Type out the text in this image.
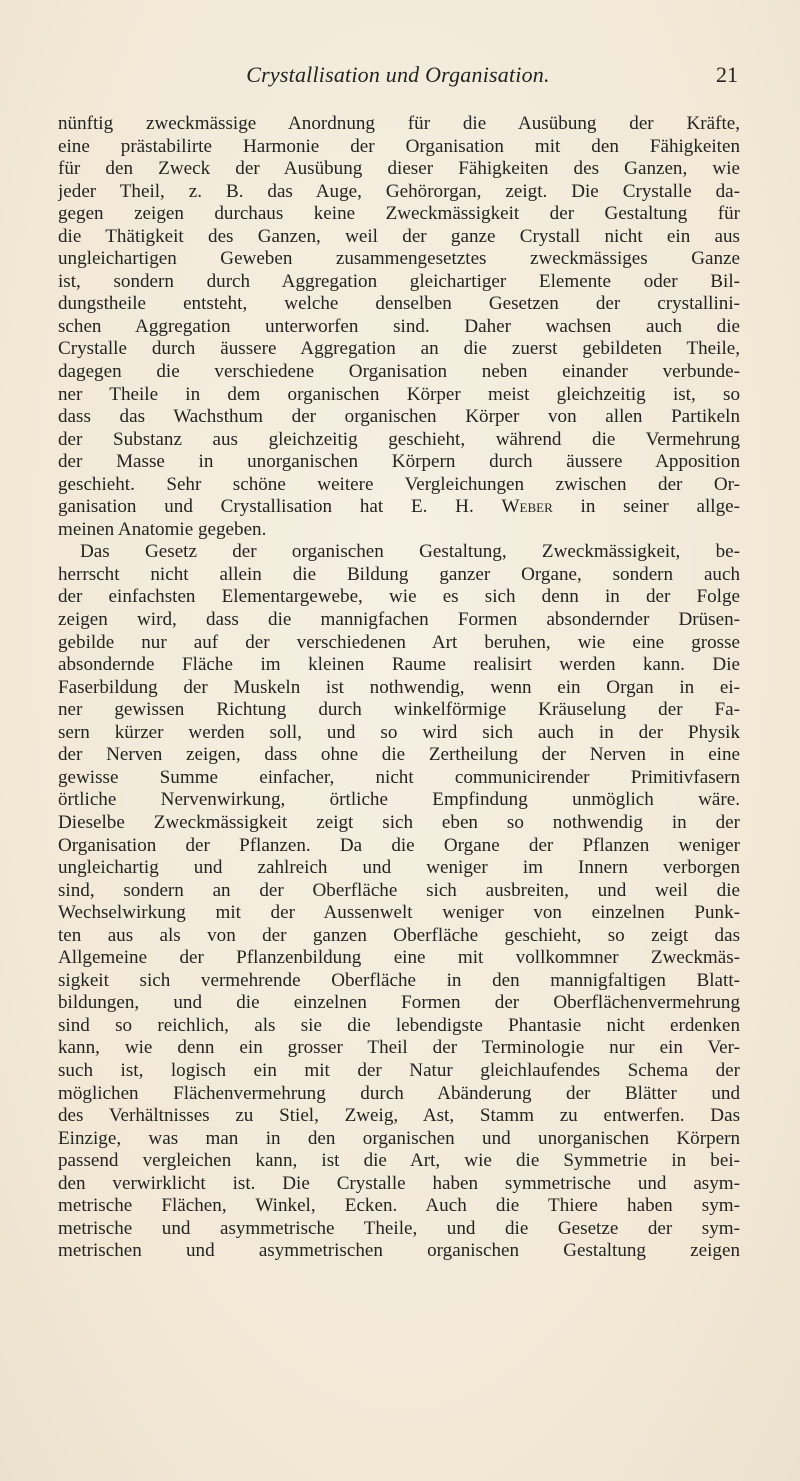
Crystallisation und Organisation.	21
nünftig zweckmässige Anordnung für die Ausübung der Kräfte,
eine prästabilirte Harmonie der Organisation mit den Fähigkeiten
für den Zweck der Ausübung dieser Fähigkeiten des Ganzen, wie
jeder Theil, z. B. das Auge, Gehörorgan, zeigt. Die Crystalle da-
gegen zeigen durchaus keine Zweckmässigkeit der Gestaltung für
die Thätigkeit des Ganzen, weil der ganze Crystall nicht ein aus
ungleichartigen Geweben zusammengesetztes zweckmässiges Ganze
ist, sondern durch Aggregation gleichartiger Elemente oder Bil-
dungstheile entsteht, welche denselben Gesetzen der crystallini-
schen Aggregation unterworfen sind. Daher wachsen auch die
Crystalle durch äussere Aggregation an die zuerst gebildeten Theile,
dagegen die verschiedene Organisation neben einander verbunde-
ner Theile in dem organischen Körper meist gleichzeitig ist, so
dass das Wachsthum der organischen Körper von allen Partikeln
der Substanz aus gleichzeitig geschieht, während die Vermehrung
der Masse in unorganischen Körpern durch äussere Apposition
geschieht. Sehr schöne weitere Vergleichungen zwischen der Or-
ganisation und Crystallisation hat E. H. Weber in seiner allge-
meinen Anatomie gegeben.
Das Gesetz der organischen Gestaltung, Zweckmässigkeit, be-
herrscht nicht allein die Bildung ganzer Organe, sondern auch
der einfachsten Elementargewebe, wie es sich denn in der Folge
zeigen wird, dass die mannigfachen Formen absondernder Drüsen-
gebilde nur auf der verschiedenen Art beruhen, wie eine grosse
absondernde Fläche im kleinen Raume realisirt werden kann. Die
Faserbildung der Muskeln ist nothwendig, wenn ein Organ in ei-
ner gewissen Richtung durch winkelförmige Kräuselung der Fa-
sern kürzer werden soll, und so wird sich auch in der Physik
der Nerven zeigen, dass ohne die Zertheilung der Nerven in eine
gewisse Summe einfacher, nicht communicirender Primitivfasern
örtliche Nervenwirkung, örtliche Empfindung unmöglich wäre.
Dieselbe Zweckmässigkeit zeigt sich eben so nothwendig in der
Organisation der Pflanzen. Da die Organe der Pflanzen weniger
ungleichartig und zahlreich und weniger im Innern verborgen
sind, sondern an der Oberfläche sich ausbreiten, und weil die
Wechselwirkung mit der Aussenwelt weniger von einzelnen Punk-
ten aus als von der ganzen Oberfläche geschieht, so zeigt das
Allgemeine der Pflanzenbildung eine mit vollkommner Zweckmäs-
sigkeit sich vermehrende Oberfläche in den mannigfaltigen Blatt-
bildungen, und die einzelnen Formen der Oberflächenvermehrung
sind so reichlich, als sie die lebendigste Phantasie nicht erdenken
kann, wie denn ein grosser Theil der Terminologie nur ein Ver-
such ist, logisch ein mit der Natur gleichlaufendes Schema der
möglichen Flächenvermehrung durch Abänderung der Blätter und
des Verhältnisses zu Stiel, Zweig, Ast, Stamm zu entwerfen. Das
Einzige, was man in den organischen und unorganischen Körpern
passend vergleichen kann, ist die Art, wie die Symmetrie in bei-
den verwirklicht ist. Die Crystalle haben symmetrische und asym-
metrische Flächen, Winkel, Ecken. Auch die Thiere haben sym-
metrische und asymmetrische Theile, und die Gesetze der sym-
metrischen und asymmetrischen organischen Gestaltung zeigen
